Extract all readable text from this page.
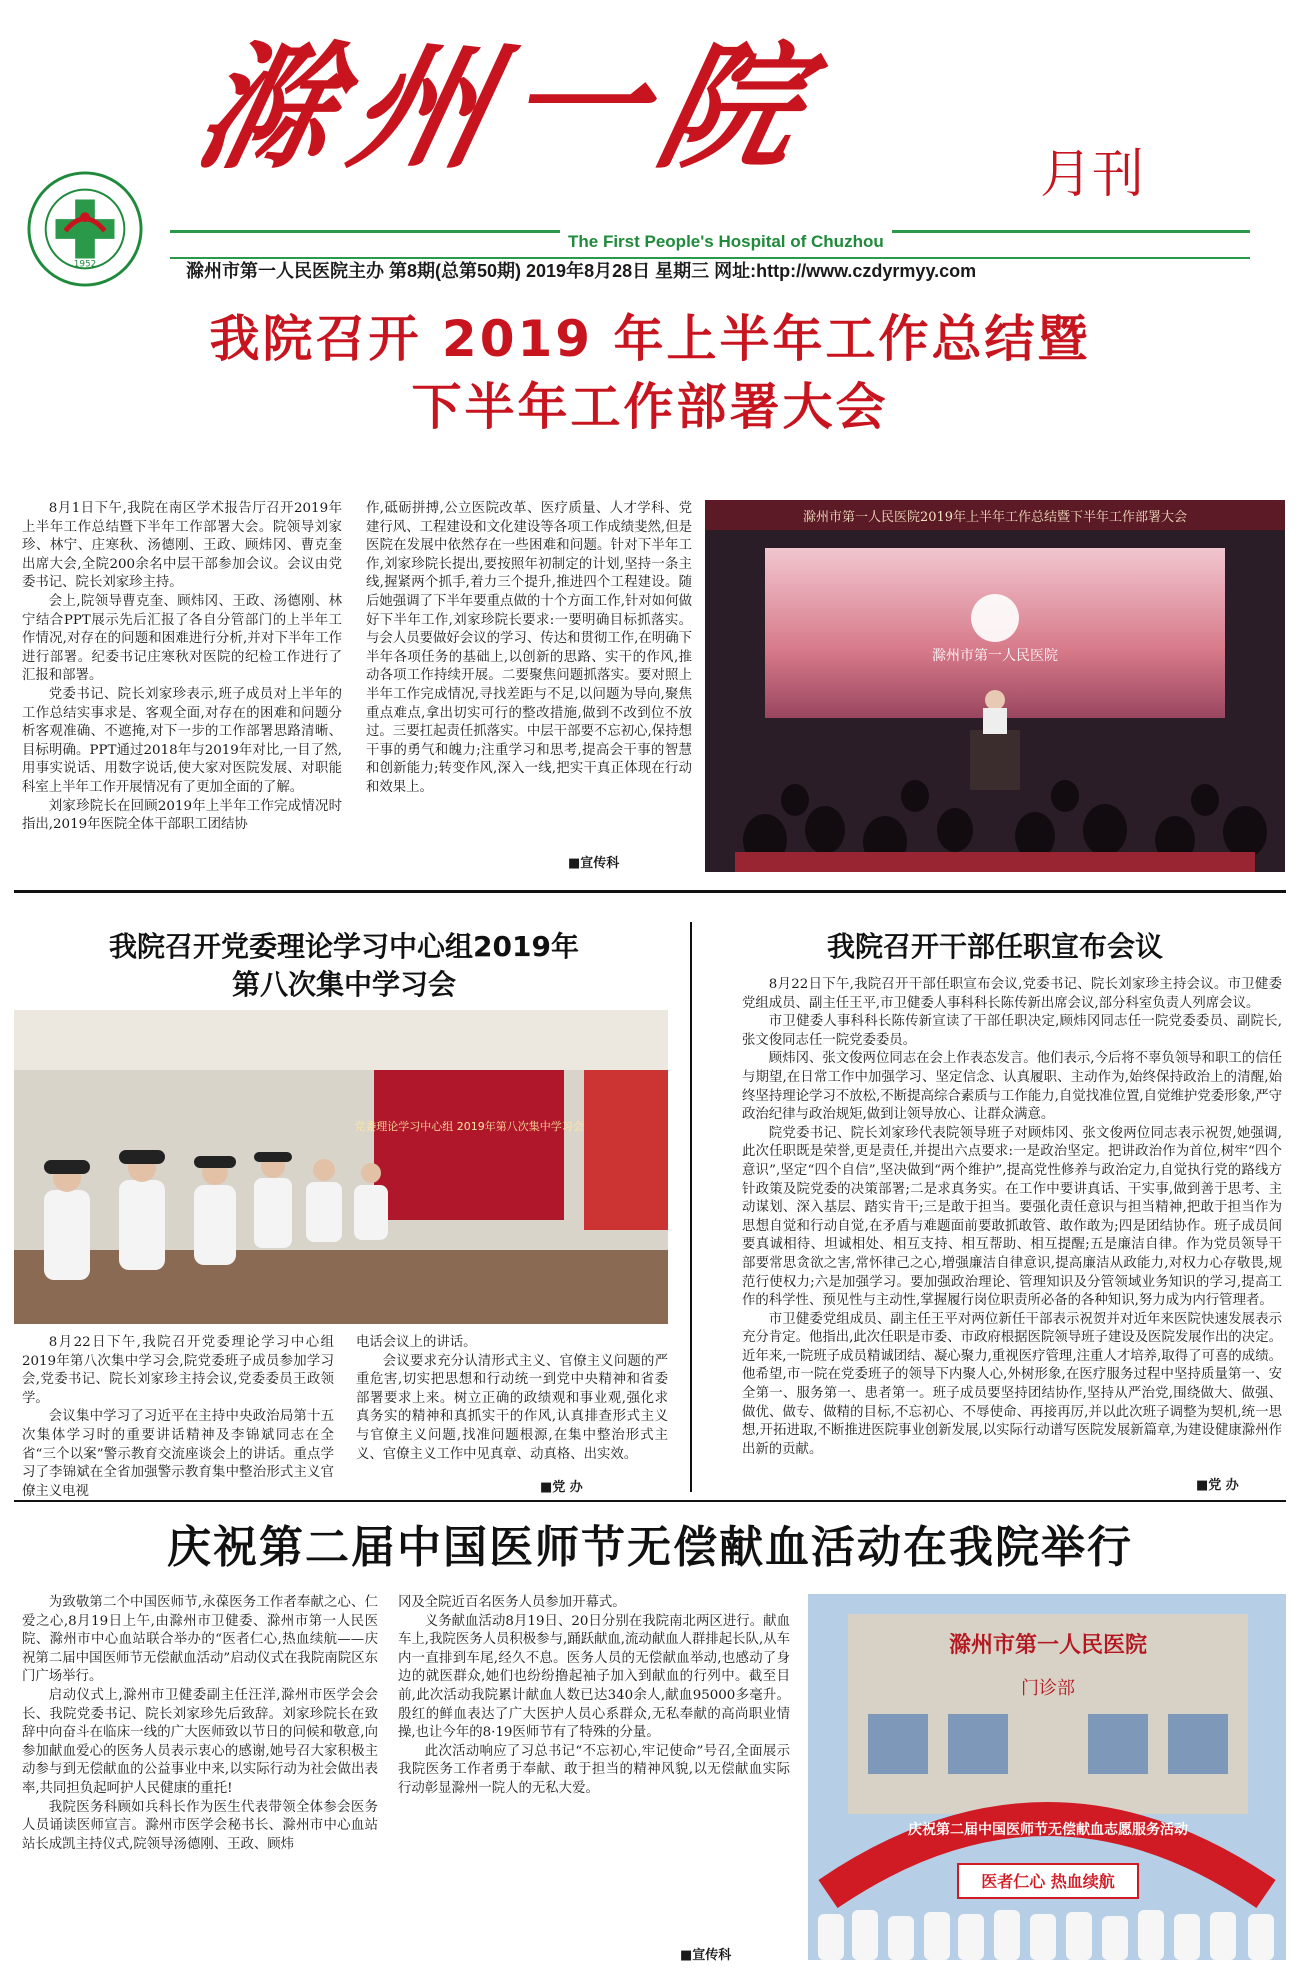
滁州一院	月刊
1952
The First People's Hospital of Chuzhou
滁州市第一人民医院主办 第8期(总第50期) 2019年8月28日 星期三 网址:http://www.czdyrmyy.com
我院召开 2019 年上半年工作总结暨
下半年工作部署大会

8月1日下午,我院在南区学术报告厅召开2019年上半年工作总结暨下半年工作部署大会。院领导刘家珍、林宁、庄寒秋、汤德刚、王政、顾炜冈、曹克奎出席大会,全院200余名中层干部参加会议。会议由党委书记、院长刘家珍主持。

会上,院领导曹克奎、顾炜冈、王政、汤德刚、林宁结合PPT展示先后汇报了各自分管部门的上半年工作情况,对存在的问题和困难进行分析,并对下半年工作进行部署。纪委书记庄寒秋对医院的纪检工作进行了汇报和部署。

党委书记、院长刘家珍表示,班子成员对上半年的工作总结实事求是、客观全面,对存在的困难和问题分析客观准确、不遮掩,对下一步的工作部署思路清晰、目标明确。PPT通过2018年与2019年对比,一目了然,用事实说话、用数字说话,使大家对医院发展、对职能科室上半年工作开展情况有了更加全面的了解。

刘家珍院长在回顾2019年上半年工作完成情况时指出,2019年医院全体干部职工团结协

作,砥砺拼搏,公立医院改革、医疗质量、人才学科、党建行风、工程建设和文化建设等各项工作成绩斐然,但是医院在发展中依然存在一些困难和问题。针对下半年工作,刘家珍院长提出,要按照年初制定的计划,坚持一条主线,握紧两个抓手,着力三个提升,推进四个工程建设。随后她强调了下半年要重点做的十个方面工作,针对如何做好下半年工作,刘家珍院长要求:一要明确目标抓落实。与会人员要做好会议的学习、传达和贯彻工作,在明确下半年各项任务的基础上,以创新的思路、实干的作风,推动各项工作持续开展。二要聚焦问题抓落实。要对照上半年工作完成情况,寻找差距与不足,以问题为导向,聚焦重点难点,拿出切实可行的整改措施,做到不改到位不放过。三要扛起责任抓落实。中层干部要不忘初心,保持想干事的勇气和魄力;注重学习和思考,提高会干事的智慧和创新能力;转变作风,深入一线,把实干真正体现在行动和效果上。

■宣传科
滁州市第一人民医院2019年上半年工作总结暨下半年工作部署大会
滁州市第一人民医院
我院召开党委理论学习中心组2019年
第八次集中学习会
党委理论学习中心组 2019年第八次集中学习会

8月22日下午,我院召开党委理论学习中心组2019年第八次集中学习会,院党委班子成员参加学习会,党委书记、院长刘家珍主持会议,党委委员王政领学。

会议集中学习了习近平在主持中央政治局第十五次集体学习时的重要讲话精神及李锦斌同志在全省“三个以案”警示教育交流座谈会上的讲话。重点学习了李锦斌在全省加强警示教育集中整治形式主义官僚主义电视

电话会议上的讲话。

会议要求充分认清形式主义、官僚主义问题的严重危害,切实把思想和行动统一到党中央精神和省委部署要求上来。树立正确的政绩观和事业观,强化求真务实的精神和真抓实干的作风,认真排查形式主义与官僚主义问题,找准问题根源,在集中整治形式主义、官僚主义工作中见真章、动真格、出实效。

■党 办
我院召开干部任职宣布会议

8月22日下午,我院召开干部任职宣布会议,党委书记、院长刘家珍主持会议。市卫健委党组成员、副主任王平,市卫健委人事科科长陈传新出席会议,部分科室负责人列席会议。

市卫健委人事科科长陈传新宣读了干部任职决定,顾炜冈同志任一院党委委员、副院长,张文俊同志任一院党委委员。

顾炜冈、张文俊两位同志在会上作表态发言。他们表示,今后将不辜负领导和职工的信任与期望,在日常工作中加强学习、坚定信念、认真履职、主动作为,始终保持政治上的清醒,始终坚持理论学习不放松,不断提高综合素质与工作能力,自觉找准位置,自觉维护党委形象,严守政治纪律与政治规矩,做到让领导放心、让群众满意。

院党委书记、院长刘家珍代表院领导班子对顾炜冈、张文俊两位同志表示祝贺,她强调,此次任职既是荣誉,更是责任,并提出六点要求:一是政治坚定。把讲政治作为首位,树牢“四个意识”,坚定“四个自信”,坚决做到“两个维护”,提高党性修养与政治定力,自觉执行党的路线方针政策及院党委的决策部署;二是求真务实。在工作中要讲真话、干实事,做到善于思考、主动谋划、深入基层、踏实肯干;三是敢于担当。要强化责任意识与担当精神,把敢于担当作为思想自觉和行动自觉,在矛盾与难题面前要敢抓敢管、敢作敢为;四是团结协作。班子成员间要真诚相待、坦诚相处、相互支持、相互帮助、相互提醒;五是廉洁自律。作为党员领导干部要常思贪欲之害,常怀律己之心,增强廉洁自律意识,提高廉洁从政能力,对权力心存敬畏,规范行使权力;六是加强学习。要加强政治理论、管理知识及分管领域业务知识的学习,提高工作的科学性、预见性与主动性,掌握履行岗位职责所必备的各种知识,努力成为内行管理者。

市卫健委党组成员、副主任王平对两位新任干部表示祝贺并对近年来医院快速发展表示充分肯定。他指出,此次任职是市委、市政府根据医院领导班子建设及医院发展作出的决定。近年来,一院班子成员精诚团结、凝心聚力,重视医疗管理,注重人才培养,取得了可喜的成绩。他希望,市一院在党委班子的领导下内聚人心,外树形象,在医疗服务过程中坚持质量第一、安全第一、服务第一、患者第一。班子成员要坚持团结协作,坚持从严治党,围绕做大、做强、做优、做专、做精的目标,不忘初心、不辱使命、再接再厉,并以此次班子调整为契机,统一思想,开拓进取,不断推进医院事业创新发展,以实际行动谱写医院发展新篇章,为建设健康滁州作出新的贡献。

■党 办
庆祝第二届中国医师节无偿献血活动在我院举行

为致敬第二个中国医师节,永葆医务工作者奉献之心、仁爱之心,8月19日上午,由滁州市卫健委、滁州市第一人民医院、滁州市中心血站联合举办的“医者仁心,热血续航——庆祝第二届中国医师节无偿献血活动”启动仪式在我院南院区东门广场举行。

启动仪式上,滁州市卫健委副主任汪洋,滁州市医学会会长、我院党委书记、院长刘家珍先后致辞。刘家珍院长在致辞中向奋斗在临床一线的广大医师致以节日的问候和敬意,向参加献血爱心的医务人员表示衷心的感谢,她号召大家积极主动参与到无偿献血的公益事业中来,以实际行动为社会做出表率,共同担负起呵护人民健康的重托!

我院医务科顾如兵科长作为医生代表带领全体参会医务人员诵读医师宣言。滁州市医学会秘书长、滁州市中心血站站长成凯主持仪式,院领导汤德刚、王政、顾炜

冈及全院近百名医务人员参加开幕式。

义务献血活动8月19日、20日分别在我院南北两区进行。献血车上,我院医务人员积极参与,踊跃献血,流动献血人群排起长队,从车内一直排到车尾,经久不息。医务人员的无偿献血举动,也感动了身边的就医群众,她们也纷纷撸起袖子加入到献血的行列中。截至目前,此次活动我院累计献血人数已达340余人,献血95000多毫升。殷红的鲜血表达了广大医护人员心系群众,无私奉献的高尚职业情操,也让今年的8·19医师节有了特殊的分量。

此次活动响应了习总书记“不忘初心,牢记使命”号召,全面展示我院医务工作者勇于奉献、敢于担当的精神风貌,以无偿献血实际行动彰显滁州一院人的无私大爱。

■宣传科
滁州市第一人民医院
门诊部
庆祝第二届中国医师节无偿献血志愿服务活动
医者仁心 热血续航
